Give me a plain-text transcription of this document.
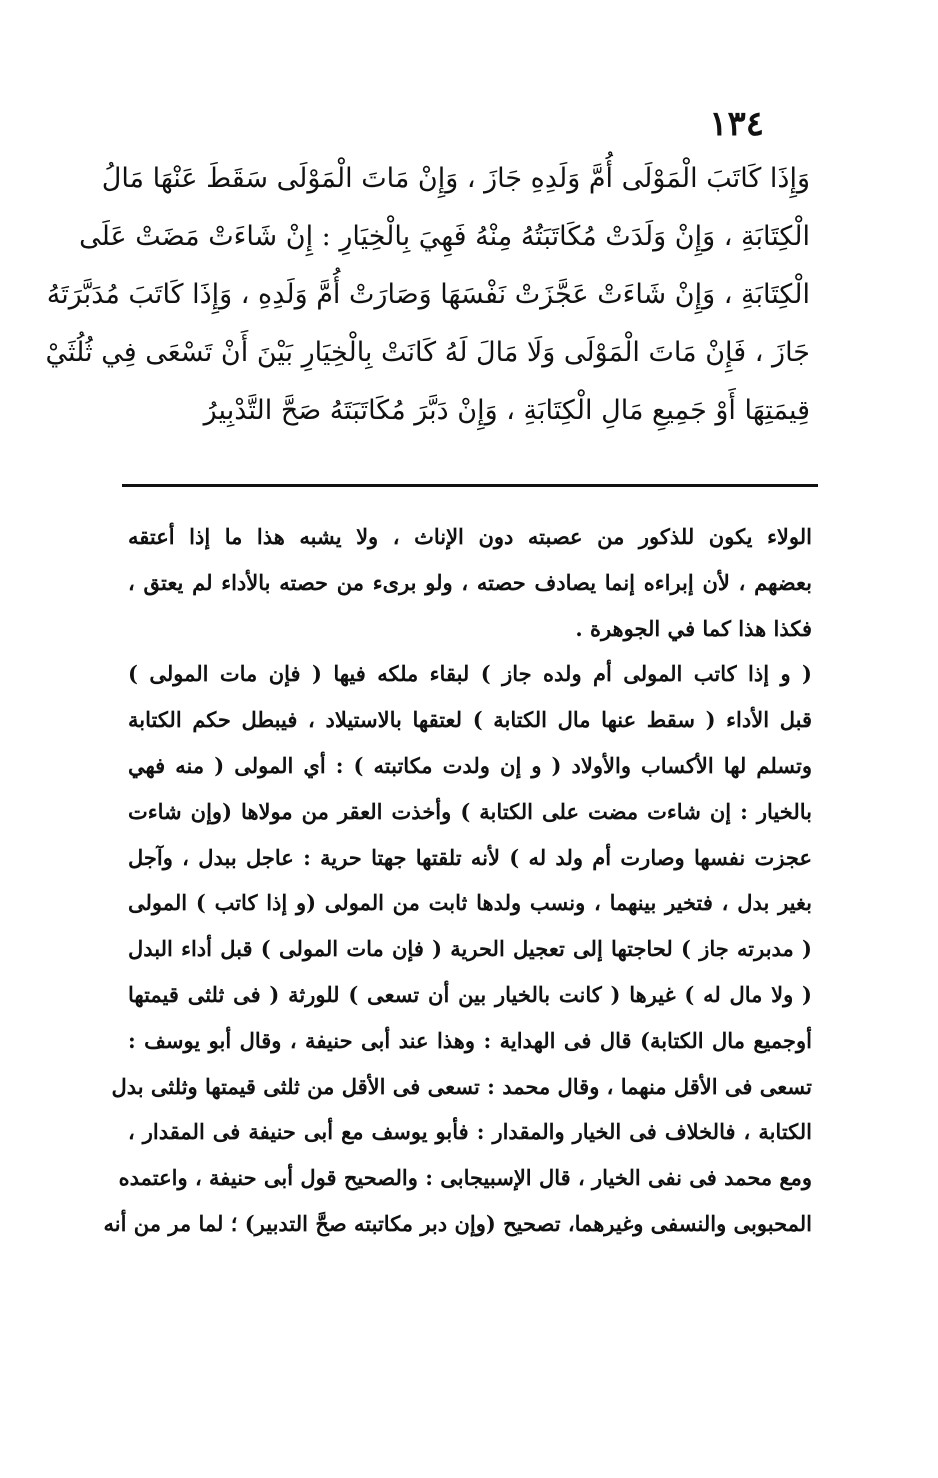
١٣٤
وَإِذَا كَاتَبَ الْمَوْلَى أُمَّ وَلَدِهِ جَازَ ، وَإِنْ مَاتَ الْمَوْلَى سَقَطَ عَنْهَا مَالُ
الْكِتَابَةِ ، وَإِنْ وَلَدَتْ مُكَاتَبَتُهُ مِنْهُ فَهِيَ بِالْخِيَارِ : إِنْ شَاءَتْ مَضَتْ عَلَى
الْكِتَابَةِ ، وَإِنْ شَاءَتْ عَجَّزَتْ نَفْسَهَا وَصَارَتْ أُمَّ وَلَدِهِ ، وَإِذَا كَاتَبَ مُدَبَّرَتَهُ
جَازَ ، فَإِنْ مَاتَ الْمَوْلَى وَلَا مَالَ لَهُ كَانَتْ بِالْخِيَارِ بَيْنَ أَنْ تَسْعَى فِي ثُلُثَيْ
قِيمَتِهَا أَوْ جَمِيعِ مَالِ الْكِتَابَةِ ، وَإِنْ دَبَّرَ مُكَاتَبَتَهُ صَحَّ التَّدْبِيرُ
الولاء يكون للذكور من عصبته دون الإناث ، ولا يشبه هذا ما إذا أعتقه
بعضهم ، لأن إبراءه إنما يصادف حصته ، ولو برىء من حصته بالأداء لم يعتق ،
فكذا هذا كما في الجوهرة .
( و إذا كاتب المولى أم ولده جاز ) لبقاء ملكه فيها ( فإن مات المولى )
قبل الأداء ( سقط عنها مال الكتابة ) لعتقها بالاستيلاد ، فيبطل حكم الكتابة
وتسلم لها الأكساب والأولاد ( و إن ولدت مكاتبته ) : أي المولى ( منه فهي
بالخيار : إن شاءت مضت على الكتابة ) وأخذت العقر من مولاها (وإن شاءت
عجزت نفسها وصارت أم ولد له ) لأنه تلقتها جهتا حرية : عاجل ببدل ، وآجل
بغير بدل ، فتخير بينهما ، ونسب ولدها ثابت من المولى (و إذا كاتب ) المولى
( مدبرته جاز ) لحاجتها إلى تعجيل الحرية ( فإن مات المولى ) قبل أداء البدل
( ولا مال له ) غيرها ( كانت بالخيار بين أن تسعى ) للورثة ( فى ثلثى قيمتها
أوجميع مال الكتابة) قال فى الهداية : وهذا عند أبى حنيفة ، وقال أبو يوسف :
تسعى فى الأقل منهما ، وقال محمد : تسعى فى الأقل من ثلثى قيمتها وثلثى بدل
الكتابة ، فالخلاف فى الخيار والمقدار : فأبو يوسف مع أبى حنيفة فى المقدار ،
ومع محمد فى نفى الخيار ، قال الإسبيجابى : والصحيح قول أبى حنيفة ، واعتمده
المحبوبى والنسفى وغيرهما، تصحيح (وإن دبر مكاتبته صحَّ التدبير) ؛ لما مر من أنه
